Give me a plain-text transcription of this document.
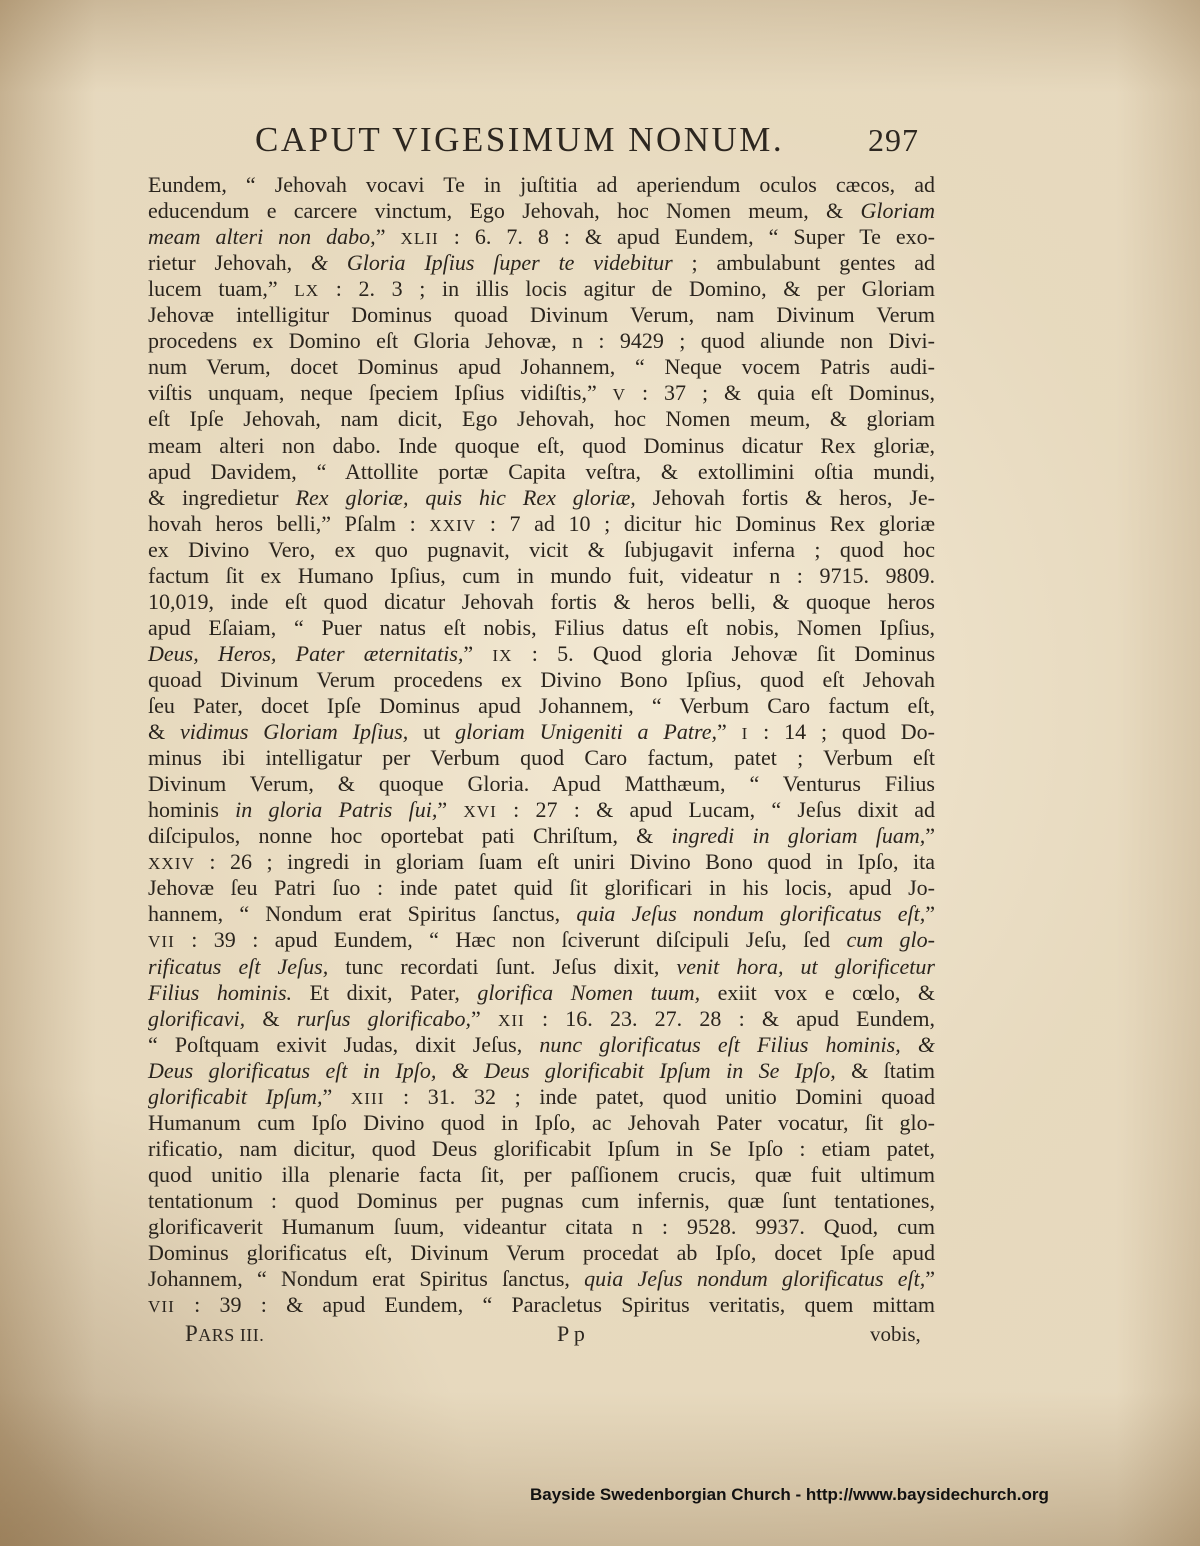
CAPUT VIGESIMUM NONUM.	297
Eundem, “ Jehovah vocavi Te in juſtitia ad aperiendum oculos cæcos, ad
educendum e carcere vinctum, Ego Jehovah, hoc Nomen meum, & Gloriam
meam alteri non dabo,” XLII : 6. 7. 8 : & apud Eundem, “ Super Te exo-
rietur Jehovah, & Gloria Ipſius ſuper te videbitur ; ambulabunt gentes ad
lucem tuam,” LX : 2. 3 ; in illis locis agitur de Domino, & per Gloriam
Jehovæ intelligitur Dominus quoad Divinum Verum, nam Divinum Verum
procedens ex Domino eſt Gloria Jehovæ, n : 9429 ; quod aliunde non Divi-
num Verum, docet Dominus apud Johannem, “ Neque vocem Patris audi-
viſtis unquam, neque ſpeciem Ipſius vidiſtis,” V : 37 ; & quia eſt Dominus,
eſt Ipſe Jehovah, nam dicit, Ego Jehovah, hoc Nomen meum, & gloriam
meam alteri non dabo. Inde quoque eſt, quod Dominus dicatur Rex gloriæ,
apud Davidem, “ Attollite portæ Capita veſtra, & extollimini oſtia mundi,
& ingredietur Rex gloriæ, quis hic Rex gloriæ, Jehovah fortis & heros, Je-
hovah heros belli,” Pſalm : XXIV : 7 ad 10 ; dicitur hic Dominus Rex gloriæ
ex Divino Vero, ex quo pugnavit, vicit & ſubjugavit inferna ; quod hoc
factum ſit ex Humano Ipſius, cum in mundo fuit, videatur n : 9715. 9809.
10,019, inde eſt quod dicatur Jehovah fortis & heros belli, & quoque heros
apud Eſaiam, “ Puer natus eſt nobis, Filius datus eſt nobis, Nomen Ipſius,
Deus, Heros, Pater æternitatis,” IX : 5. Quod gloria Jehovæ ſit Dominus
quoad Divinum Verum procedens ex Divino Bono Ipſius, quod eſt Jehovah
ſeu Pater, docet Ipſe Dominus apud Johannem, “ Verbum Caro factum eſt,
& vidimus Gloriam Ipſius, ut gloriam Unigeniti a Patre,” I : 14 ; quod Do-
minus ibi intelligatur per Verbum quod Caro factum, patet ; Verbum eſt
Divinum Verum, & quoque Gloria. Apud Matthæum, “ Venturus Filius
hominis in gloria Patris ſui,” XVI : 27 : & apud Lucam, “ Jeſus dixit ad
diſcipulos, nonne hoc oportebat pati Chriſtum, & ingredi in gloriam ſuam,”
XXIV : 26 ; ingredi in gloriam ſuam eſt uniri Divino Bono quod in Ipſo, ita
Jehovæ ſeu Patri ſuo : inde patet quid ſit glorificari in his locis, apud Jo-
hannem, “ Nondum erat Spiritus ſanctus, quia Jeſus nondum glorificatus eſt,”
VII : 39 : apud Eundem, “ Hæc non ſciverunt diſcipuli Jeſu, ſed cum glo-
rificatus eſt Jeſus, tunc recordati ſunt. Jeſus dixit, venit hora, ut glorificetur
Filius hominis. Et dixit, Pater, glorifica Nomen tuum, exiit vox e cœlo, &
glorificavi, & rurſus glorificabo,” XII : 16. 23. 27. 28 : & apud Eundem,
“ Poſtquam exivit Judas, dixit Jeſus, nunc glorificatus eſt Filius hominis, &
Deus glorificatus eſt in Ipſo, & Deus glorificabit Ipſum in Se Ipſo, & ſtatim
glorificabit Ipſum,” XIII : 31. 32 ; inde patet, quod unitio Domini quoad
Humanum cum Ipſo Divino quod in Ipſo, ac Jehovah Pater vocatur, ſit glo-
rificatio, nam dicitur, quod Deus glorificabit Ipſum in Se Ipſo : etiam patet,
quod unitio illa plenarie facta ſit, per paſſionem crucis, quæ fuit ultimum
tentationum : quod Dominus per pugnas cum infernis, quæ ſunt tentationes,
glorificaverit Humanum ſuum, videantur citata n : 9528. 9937. Quod, cum
Dominus glorificatus eſt, Divinum Verum procedat ab Ipſo, docet Ipſe apud
Johannem, “ Nondum erat Spiritus ſanctus, quia Jeſus nondum glorificatus eſt,”
VII : 39 : & apud Eundem, “ Paracletus Spiritus veritatis, quem mittam
PARS III.	P p	vobis,
Bayside Swedenborgian Church - http://www.baysidechurch.org
